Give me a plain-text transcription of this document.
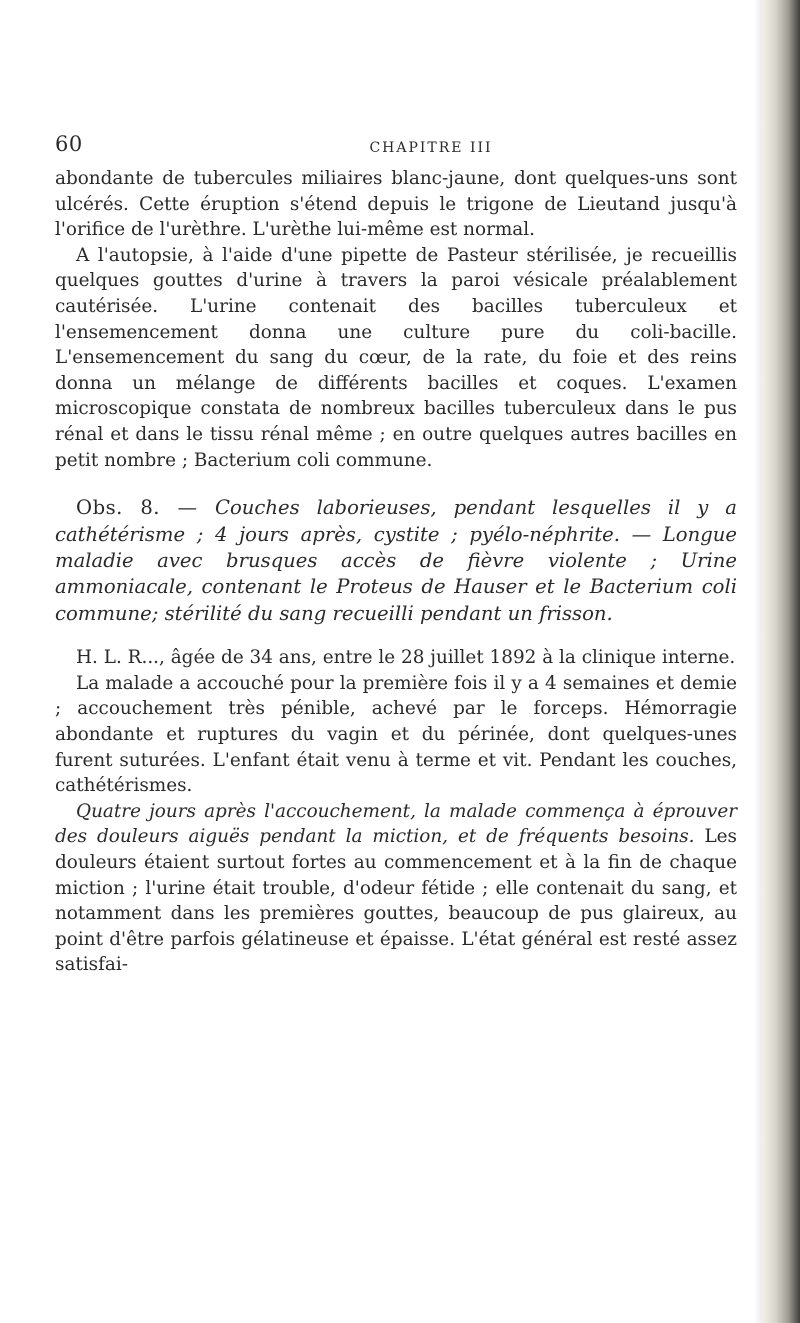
60	CHAPITRE III

abondante de tubercules miliaires blanc-jaune, dont quelques-uns sont ulcérés. Cette éruption s'étend depuis le trigone de Lieutand jusqu'à l'orifice de l'urèthre. L'urèthe lui-même est normal.

A l'autopsie, à l'aide d'une pipette de Pasteur stérilisée, je recueillis quelques gouttes d'urine à travers la paroi vésicale préalablement cautérisée. L'urine contenait des bacilles tuberculeux et l'ensemencement donna une culture pure du coli-bacille. L'ensemencement du sang du cœur, de la rate, du foie et des reins donna un mélange de différents bacilles et coques. L'examen microscopique constata de nombreux bacilles tuberculeux dans le pus rénal et dans le tissu rénal même ; en outre quelques autres bacilles en petit nombre ; Bacterium coli commune.

Obs. 8. — Couches laborieuses, pendant lesquelles il y a cathétérisme ; 4 jours après, cystite ; pyélo-néphrite. — Longue maladie avec brusques accès de fièvre violente ; Urine ammoniacale, contenant le Proteus de Hauser et le Bacterium coli commune; stérilité du sang recueilli pendant un frisson.

H. L. R..., âgée de 34 ans, entre le 28 juillet 1892 à la clinique interne.

La malade a accouché pour la première fois il y a 4 semaines et demie ; accouchement très pénible, achevé par le forceps. Hémorragie abondante et ruptures du vagin et du périnée, dont quelques-unes furent suturées. L'enfant était venu à terme et vit. Pendant les couches, cathétérismes.

Quatre jours après l'accouchement, la malade commença à éprouver des douleurs aiguës pendant la miction, et de fréquents besoins. Les douleurs étaient surtout fortes au commencement et à la fin de chaque miction ; l'urine était trouble, d'odeur fétide ; elle contenait du sang, et notamment dans les premières gouttes, beaucoup de pus glaireux, au point d'être parfois gélatineuse et épaisse. L'état général est resté assez satisfai-
